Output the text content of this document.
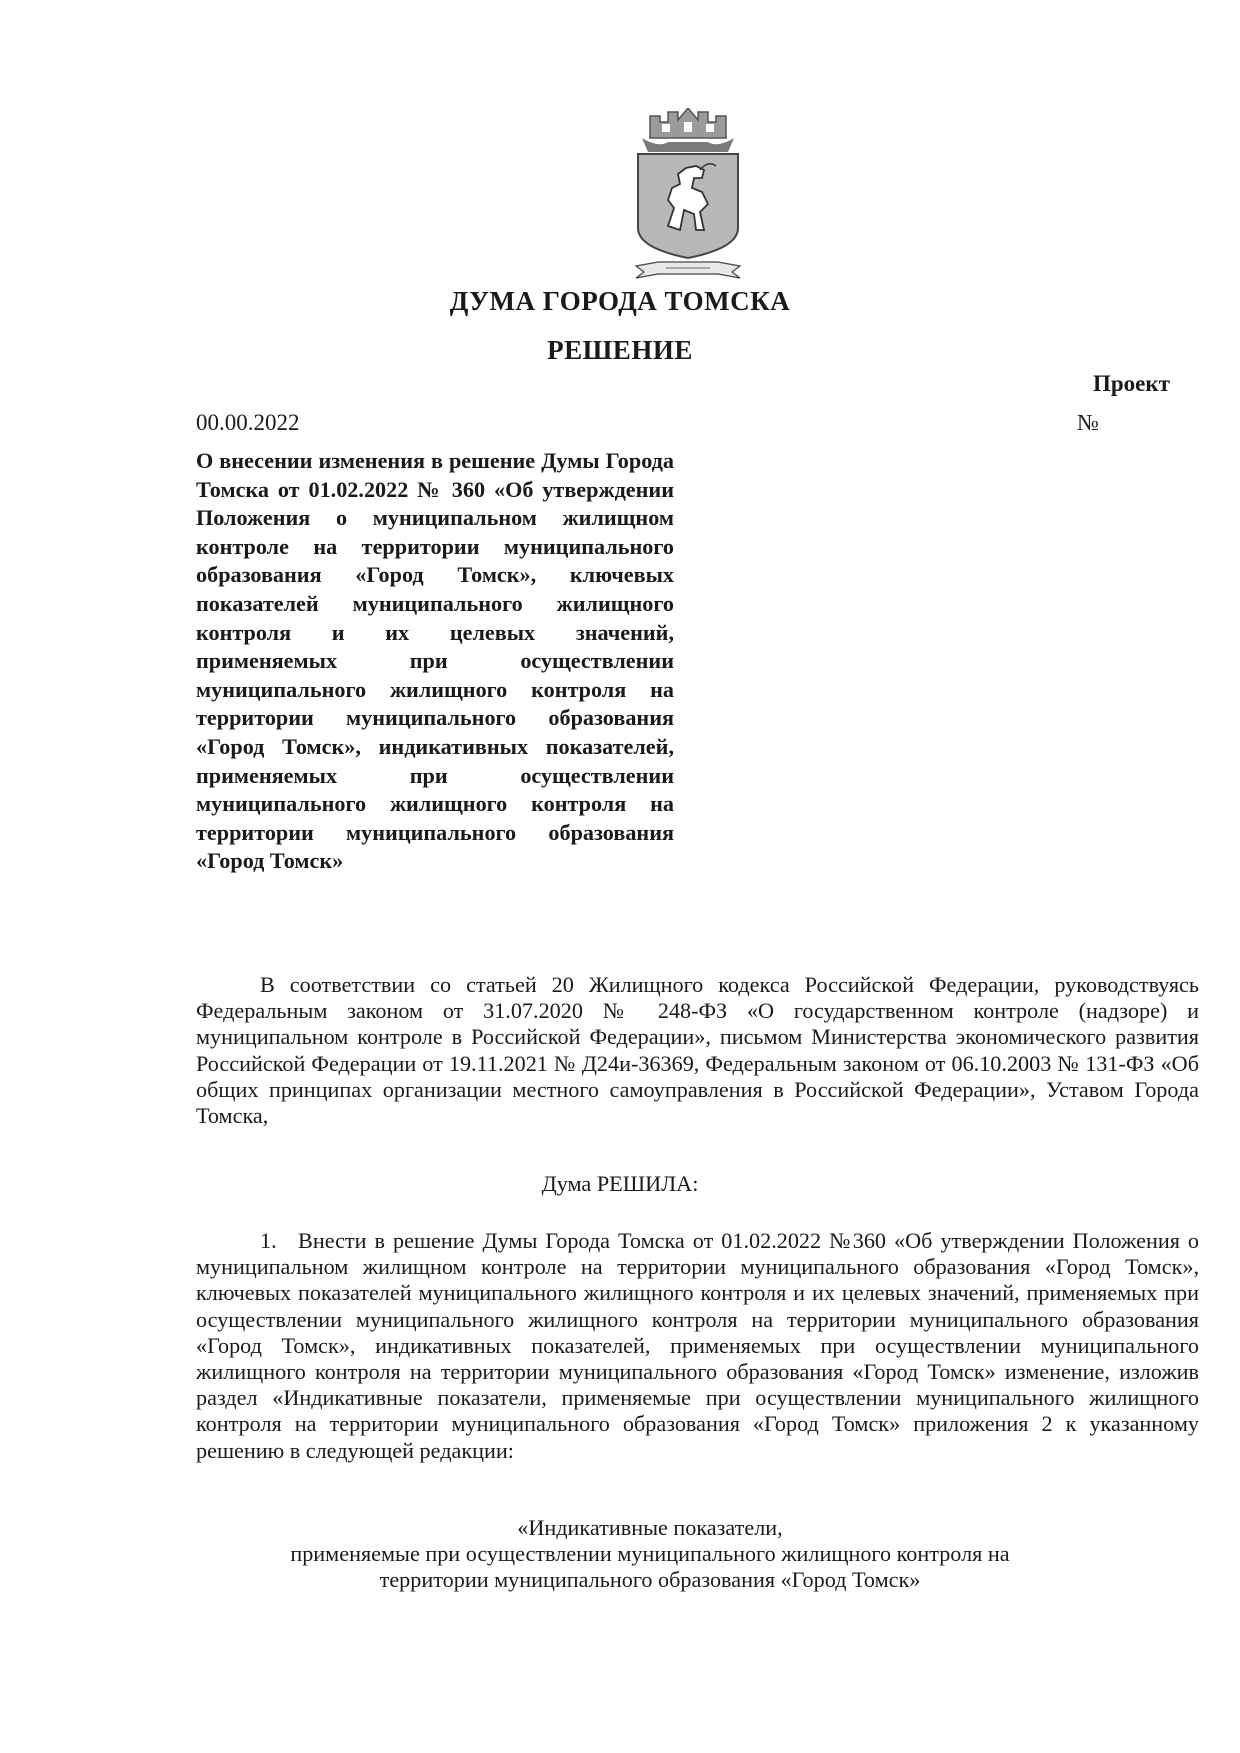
ДУМА ГОРОДА ТОМСКА
РЕШЕНИЕ
Проект
№
00.00.2022

О внесении изменения в решение Думы Города Томска от 01.02.2022 № 360 «Об утверждении Положения о муниципальном жилищном контроле на территории муниципального образования «Город Томск», ключевых показателей муниципального жилищного контроля и их целевых значений, применяемых при осуществлении муниципального жилищного контроля на территории муниципального образования «Город Томск», индикативных показателей, применяемых при осуществлении муниципального жилищного контроля на территории муниципального образования «Город Томск»

В соответствии со статьей 20 Жилищного кодекса Российской Федерации, руководствуясь Федеральным законом от 31.07.2020 № 248-ФЗ «О государственном контроле (надзоре) и муниципальном контроле в Российской Федерации», письмом Министерства экономического развития Российской Федерации от 19.11.2021 № Д24и-36369, Федеральным законом от 06.10.2003 № 131-ФЗ «Об общих принципах организации местного самоуправления в Российской Федерации», Уставом Города Томска,

Дума РЕШИЛА:

1. Внести в решение Думы Города Томска от 01.02.2022 №360 «Об утверждении Положения о муниципальном жилищном контроле на территории муниципального образования «Город Томск», ключевых показателей муниципального жилищного контроля и их целевых значений, применяемых при осуществлении муниципального жилищного контроля на территории муниципального образования «Город Томск», индикативных показателей, применяемых при осуществлении муниципального жилищного контроля на территории муниципального образования «Город Томск» изменение, изложив раздел «Индикативные показатели, применяемые при осуществлении муниципального жилищного контроля на территории муниципального образования «Город Томск» приложения 2 к указанному решению в следующей редакции:

«Индикативные показатели,
применяемые при осуществлении муниципального жилищного контроля на
территории муниципального образования «Город Томск»
